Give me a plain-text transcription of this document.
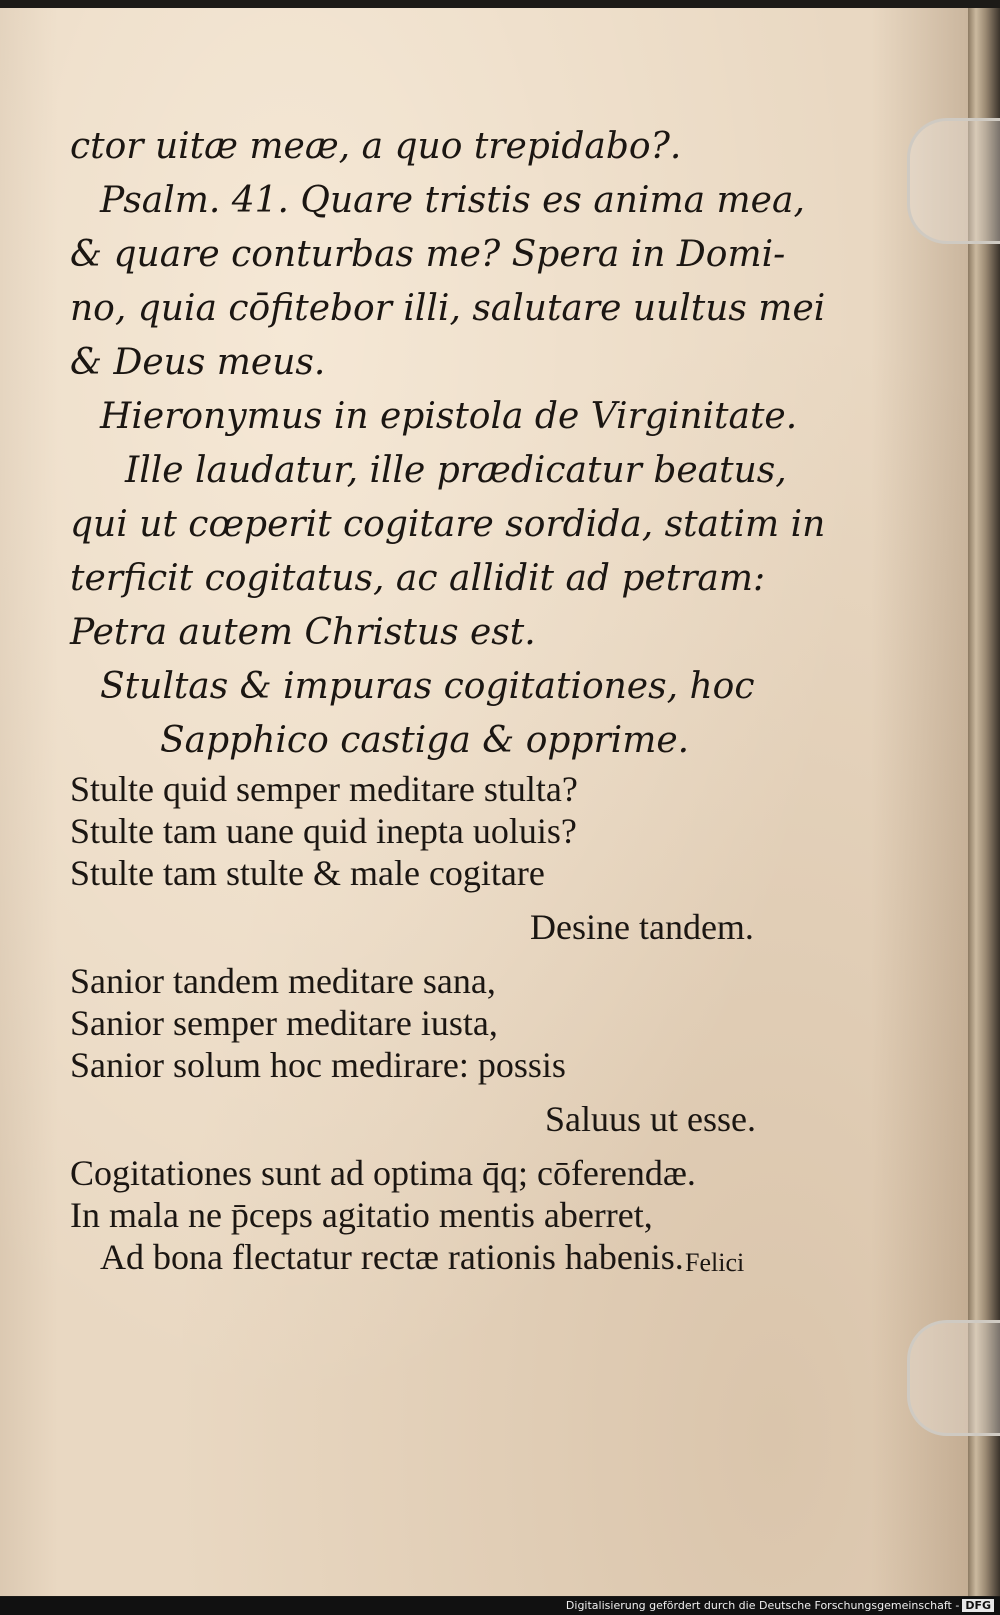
ctor uitæ meæ, a quo trepidabo?.
Psalm. 41. Quare tristis es anima mea,
& quare conturbas me? Spera in Domi-
no, quia cōfitebor illi, salutare uultus mei
& Deus meus.
Hieronymus in epistola de Virginitate.
Ille laudatur, ille prædicatur beatus,
qui ut cœperit cogitare sordida, statim in
terficit cogitatus, ac allidit ad petram:
Petra autem Christus est.
Stultas & impuras cogitationes, hoc
Sapphico castiga & opprime.
Stulte quid semper meditare stulta?
Stulte tam uane quid inepta uoluis?
Stulte tam stulte & male cogitare
Desine tandem.
Sanior tandem meditare sana,
Sanior semper meditare iusta,
Sanior solum hoc medirare: possis
Saluus ut esse.
Cogitationes sunt ad optima q̄q; cōferendæ.
In mala ne p̄ceps agitatio mentis aberret,
Ad bona flectatur rectæ rationis habenis. Felici
Digitalisierung gefördert durch die Deutsche Forschungsgemeinschaft - DFG
